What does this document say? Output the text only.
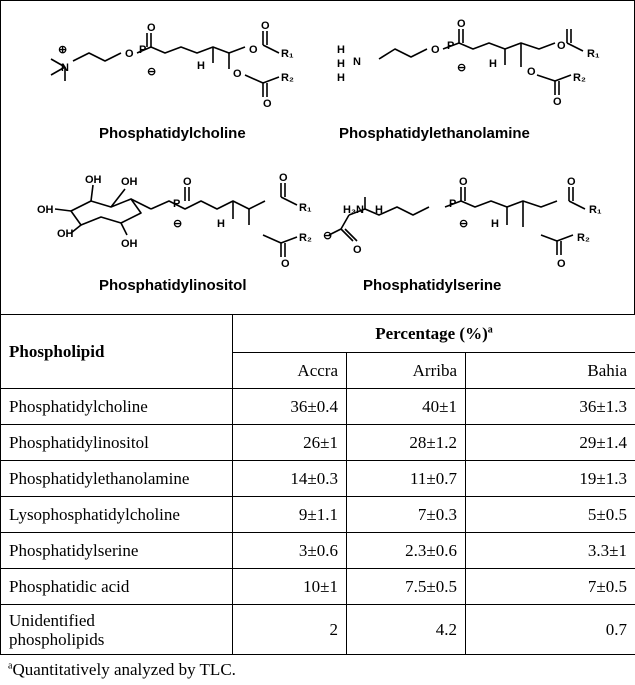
N
⊕	O P
O
⊖	H
O
O
R₁
O
O
R₂
H
N
H
H
O P
O
⊖ H
O
R₁
O
O
R₂
OH OH
OH
OH
OH	P
O
⊖	H
O
R₁
O
R₂
H₃N H
⊖
O
P
O
⊖ H
O
R₁
O
R₂
Phosphatidylcholine	Phosphatidylethanolamine
Phosphatidylinositol	Phosphatidylserine
Phospholipid	Percentage (%)$^a$
	Accra	Arriba	Bahia
Phosphatidylcholine	36±0.4	40±1	36±1.3
Phosphatidylinositol	26±1	28±1.2	29±1.4
Phosphatidylethanolamine	14±0.3	11±0.7	19±1.3
Lysophosphatidylcholine	9±1.1	7±0.3	5±0.5
Phosphatidylserine	3±0.6	2.3±0.6	3.3±1
Phosphatidic acid	10±1	7.5±0.5	7±0.5
Unidentified
phospholipids	2	4.2	0.7
$^a$Quantitatively analyzed by TLC.
